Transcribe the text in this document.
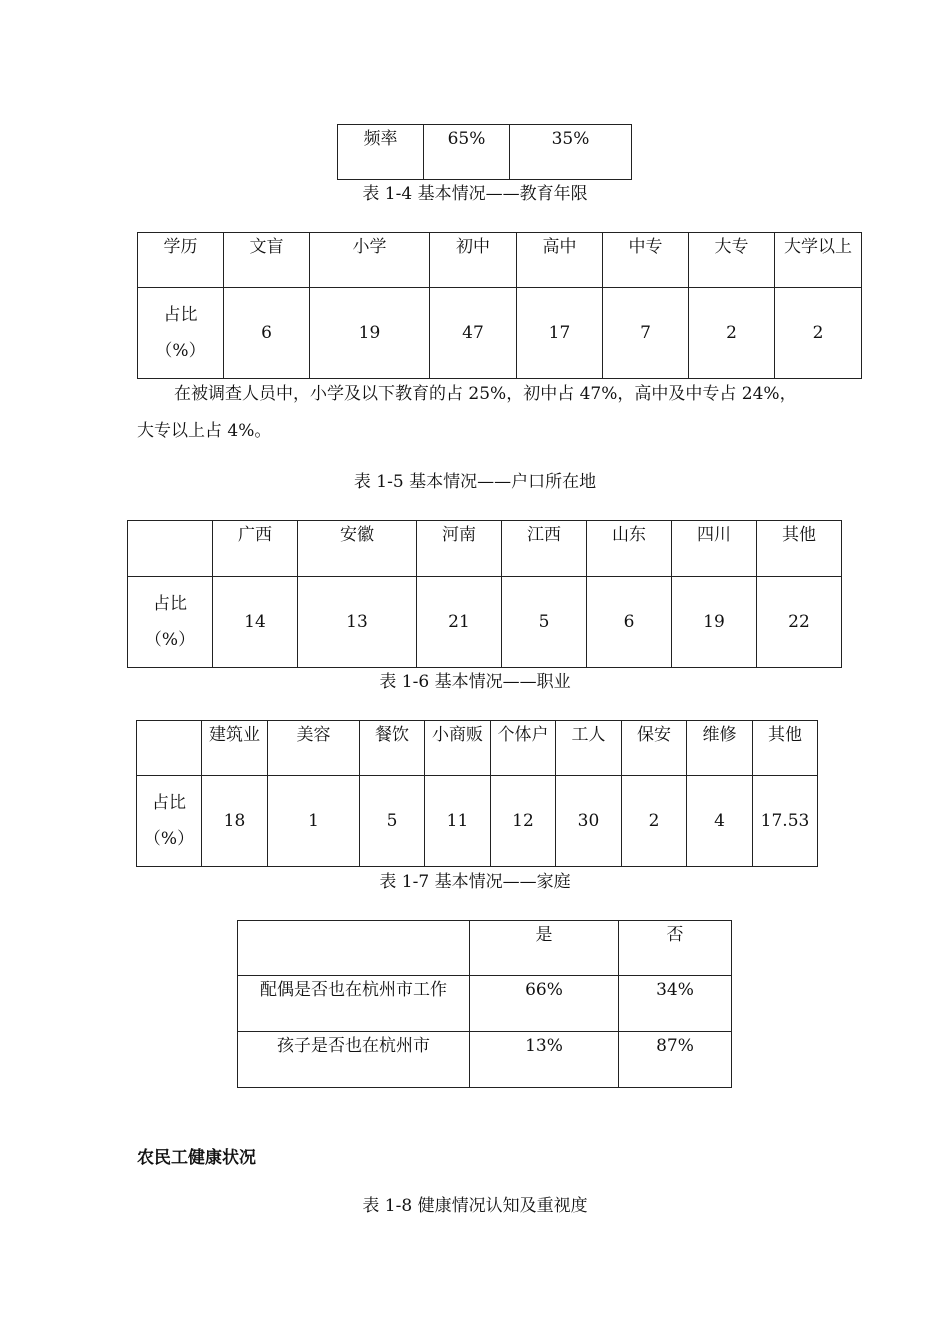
频率	65%	35%
表 1-4 基本情况——教育年限
学历	文盲	小学	初中	高中	中专	大专	大学以上

占比
（%）	6	19	47	17	7	2	2
在被调查人员中，小学及以下教育的占 25%，初中占 47%，高中及中专占 24%，
大专以上占 4%。
表 1-5 基本情况——户口所在地
	广西	安徽	河南	江西	山东	四川	其他

占比
（%）	14	13	21	5	6	19	22
表 1-6 基本情况——职业
	建筑业	美容	餐饮	小商贩	个体户	工人	保安	维修	其他

占比
（%）	18	1	5	11	12	30	2	4	17.53
表 1-7 基本情况——家庭
	是	否
配偶是否也在杭州市工作	66%	34%
孩子是否也在杭州市	13%	87%
农民工健康状况
表 1-8 健康情况认知及重视度
